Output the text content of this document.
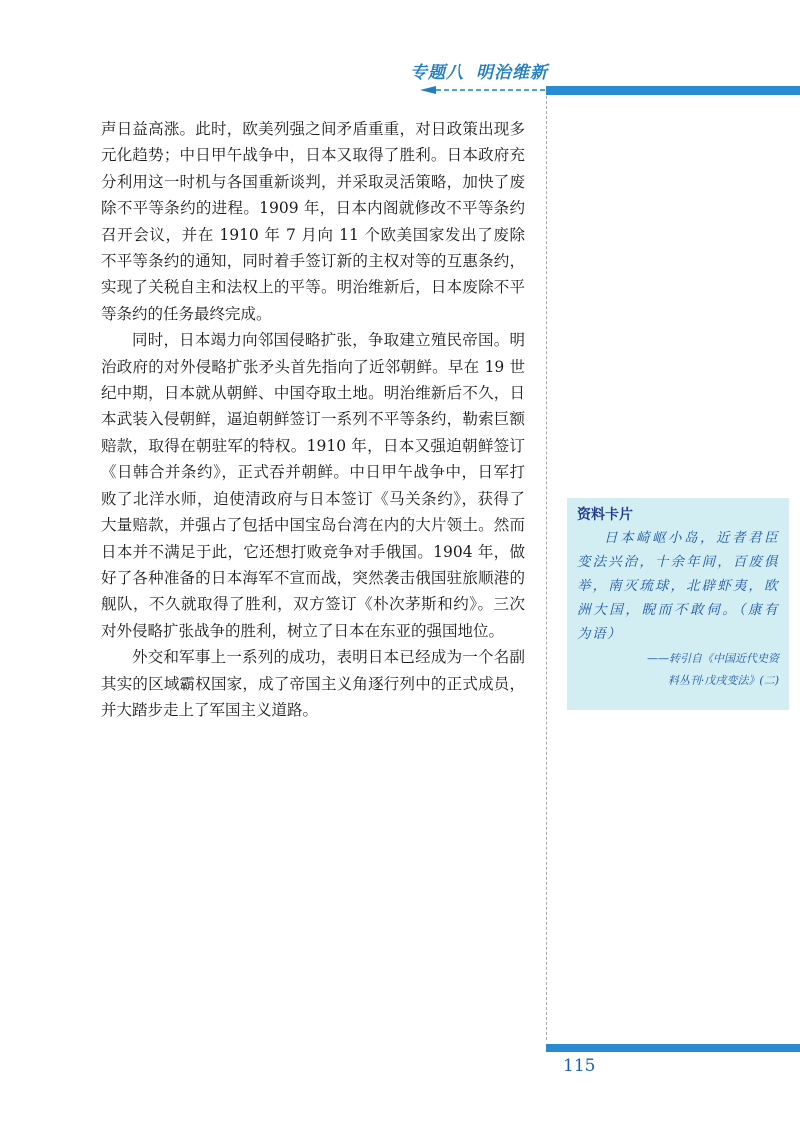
专题八 明治维新

声日益高涨。此时，欧美列强之间矛盾重重，对日政策出现多元化趋势；中日甲午战争中，日本又取得了胜利。日本政府充分利用这一时机与各国重新谈判，并采取灵活策略，加快了废除不平等条约的进程。1909 年，日本内阁就修改不平等条约召开会议，并在 1910 年 7 月向 11 个欧美国家发出了废除不平等条约的通知，同时着手签订新的主权对等的互惠条约，实现了关税自主和法权上的平等。明治维新后，日本废除不平等条约的任务最终完成。

同时，日本竭力向邻国侵略扩张，争取建立殖民帝国。明治政府的对外侵略扩张矛头首先指向了近邻朝鲜。早在 19 世纪中期，日本就从朝鲜、中国夺取土地。明治维新后不久，日本武装入侵朝鲜，逼迫朝鲜签订一系列不平等条约，勒索巨额赔款，取得在朝驻军的特权。1910 年，日本又强迫朝鲜签订《日韩合并条约》，正式吞并朝鲜。中日甲午战争中，日军打败了北洋水师，迫使清政府与日本签订《马关条约》，获得了大量赔款，并强占了包括中国宝岛台湾在内的大片领土。然而日本并不满足于此，它还想打败竞争对手俄国。1904 年，做好了各种准备的日本海军不宣而战，突然袭击俄国驻旅顺港的舰队，不久就取得了胜利，双方签订《朴次茅斯和约》。三次对外侵略扩张战争的胜利，树立了日本在东亚的强国地位。

外交和军事上一系列的成功，表明日本已经成为一个名副其实的区域霸权国家，成了帝国主义角逐行列中的正式成员，并大踏步走上了军国主义道路。

资料卡片
日本崎岖小岛，近者君臣变法兴治，十余年间，百废俱举，南灭琉球，北辟虾夷，欧洲大国，睨而不敢伺。（康有为语）
——转引自《中国近代史资
料丛刊·戊戌变法》(二)
115
